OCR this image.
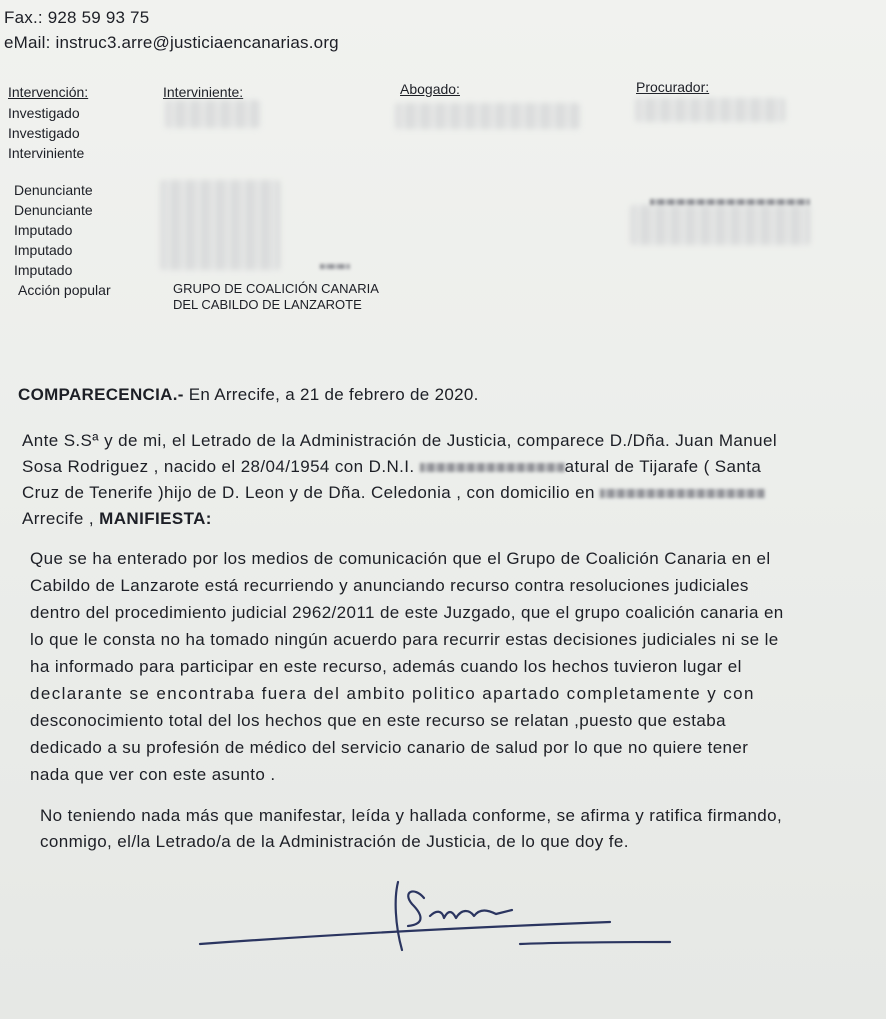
Fax.: 928 59 93 75
eMail: instruc3.arre@justiciaencanarias.org
Intervención:	Interviniente:	Abogado:	Procurador:
Investigado
Investigado
Interviniente
Denunciante
Denunciante
Imputado
Imputado
Imputado
Acción popular	GRUPO DE COALICIÓN CANARIA DEL CABILDO DE LANZAROTE
COMPARECENCIA.- En Arrecife, a 21 de febrero de 2020.
Ante S.Sª y de mi, el Letrado de la Administración de Justicia, comparece D./Dña. Juan Manuel
Sosa Rodriguez , nacido el 28/04/1954 con D.N.I.	atural de Tijarafe ( Santa
Cruz de Tenerife )hijo de D. Leon y de Dña. Celedonia , con domicilio en
Arrecife , MANIFIESTA:
Que se ha enterado por los medios de comunicación que el Grupo de Coalición Canaria en el
Cabildo de Lanzarote está recurriendo y anunciando recurso contra resoluciones judiciales
dentro del procedimiento judicial 2962/2011 de este Juzgado, que el grupo coalición canaria en
lo que le consta no ha tomado ningún acuerdo para recurrir estas decisiones judiciales ni se le
ha informado para participar en este recurso, además cuando los hechos tuvieron lugar el
declarante se encontraba fuera del ambito politico apartado completamente y con
desconocimiento total del los hechos que en este recurso se relatan ,puesto que estaba
dedicado a su profesión de médico del servicio canario de salud por lo que no quiere tener
nada que ver con este asunto .
No teniendo nada más que manifestar, leída y hallada conforme, se afirma y ratifica firmando,
conmigo, el/la Letrado/a de la Administración de Justicia, de lo que doy fe.
